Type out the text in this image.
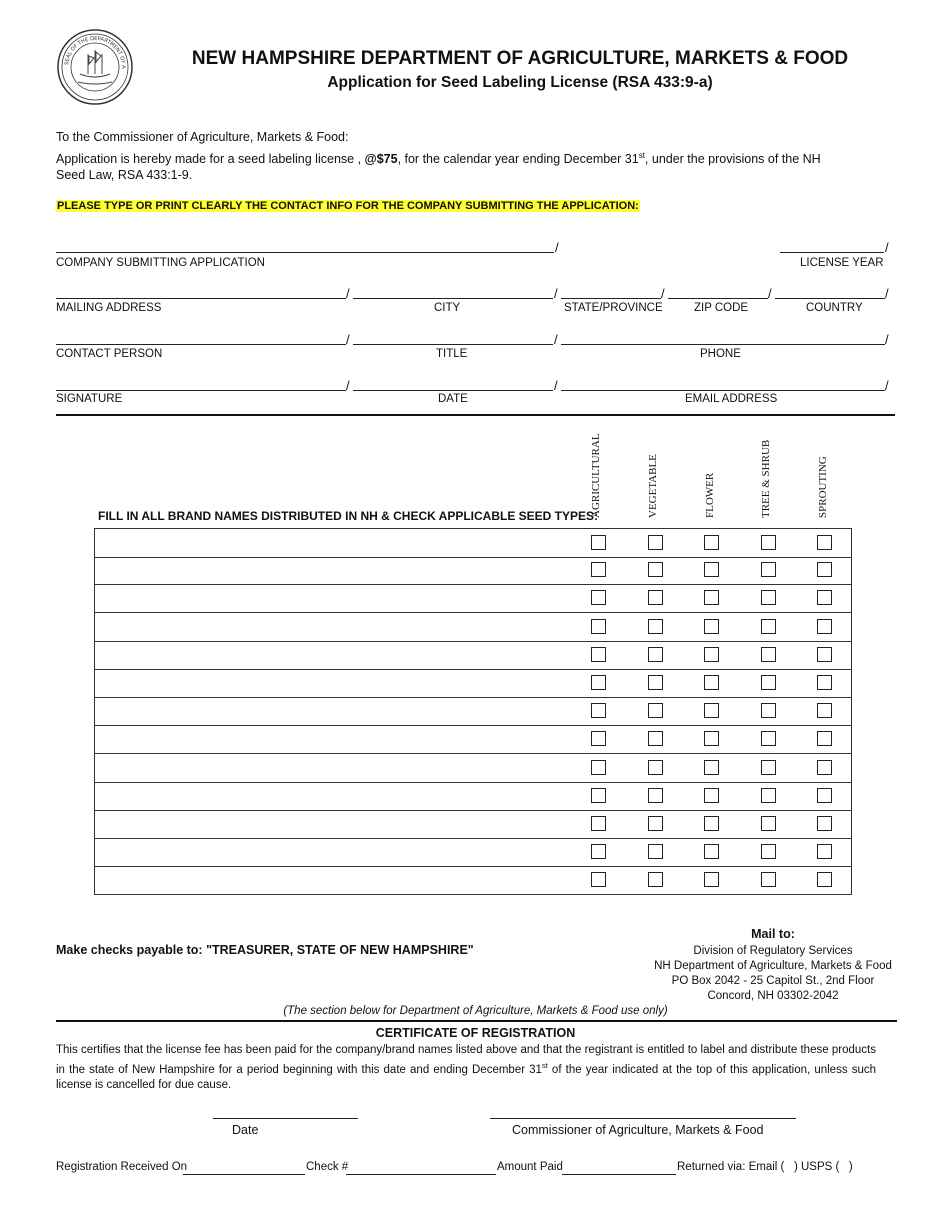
SEAL OF THE DEPARTMENT OF A	NEW HAMPSHIRE DEPARTMENT OF AGRICULTURE, MARKETS & FOOD
Application for Seed Labeling License (RSA 433:9-a)
To the Commissioner of Agriculture, Markets & Food:
Application is hereby made for a seed labeling license , @$75, for the calendar year ending December 31st, under the provisions of the NH
Seed Law, RSA 433:1-9.
PLEASE TYPE OR PRINT CLEARLY THE CONTACT INFO FOR THE COMPANY SUBMITTING THE APPLICATION:
/	/
COMPANY SUBMITTING APPLICATION	LICENSE YEAR
/	/	/	/	/
MAILING ADDRESS	CITY	STATE/PROVINCE	ZIP CODE	COUNTRY
/	/	/
CONTACT PERSON	TITLE	PHONE
/	/	/
SIGNATURE	DATE	EMAIL ADDRESS
AGRICULTURAL	VEGETABLE	FLOWER	TREE & SHRUB	SPROUTING
FILL IN ALL BRAND NAMES DISTRIBUTED IN NH & CHECK APPLICABLE SEED TYPES:
Make checks payable to: "TREASURER, STATE OF NEW HAMPSHIRE"
Mail to:
Division of Regulatory Services
NH Department of Agriculture, Markets & Food
PO Box 2042 - 25 Capitol St., 2nd Floor
Concord, NH 03302-2042
(The section below for Department of Agriculture, Markets & Food use only)
CERTIFICATE OF REGISTRATION
This certifies that the license fee has been paid for the company/brand names listed above and that the registrant is entitled to label and distribute these products in the state of New Hampshire for a period beginning with this date and ending December 31st of the year indicated at the top of this application, unless such license is cancelled for due cause.
Date	Commissioner of Agriculture, Markets & Food
Registration Received On	Check #	Amount Paid	Returned via: Email (   ) USPS (   )
